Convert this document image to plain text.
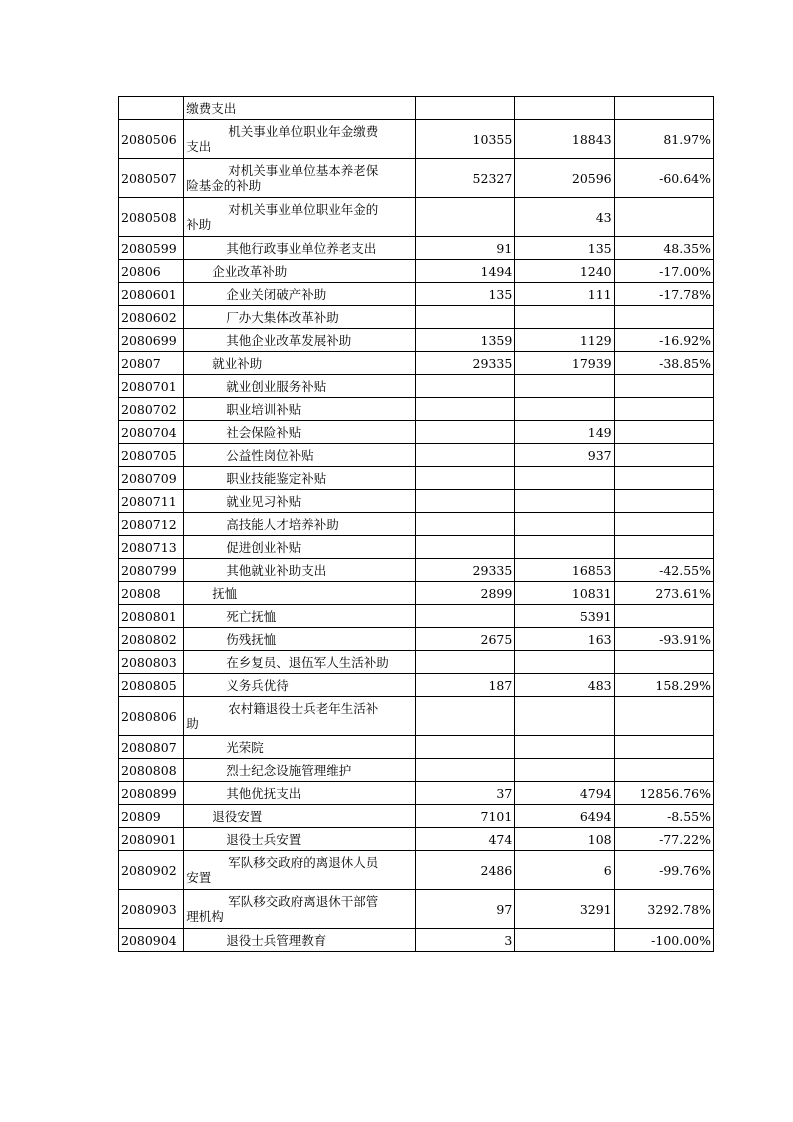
	缴费支出			
2080506	机关事业单位职业年金缴费
支出	10355	18843	81.97%
2080507	对机关事业单位基本养老保
险基金的补助	52327	20596	-60.64%
2080508	对机关事业单位职业年金的
补助		43	
2080599	其他行政事业单位养老支出	91	135	48.35%
20806	企业改革补助	1494	1240	-17.00%
2080601	企业关闭破产补助	135	111	-17.78%
2080602	厂办大集体改革补助			
2080699	其他企业改革发展补助	1359	1129	-16.92%
20807	就业补助	29335	17939	-38.85%
2080701	就业创业服务补贴			
2080702	职业培训补贴			
2080704	社会保险补贴		149	
2080705	公益性岗位补贴		937	
2080709	职业技能鉴定补贴			
2080711	就业见习补贴			
2080712	高技能人才培养补助			
2080713	促进创业补贴			
2080799	其他就业补助支出	29335	16853	-42.55%
20808	抚恤	2899	10831	273.61%
2080801	死亡抚恤		5391	
2080802	伤残抚恤	2675	163	-93.91%
2080803	在乡复员、退伍军人生活补助			
2080805	义务兵优待	187	483	158.29%
2080806	农村籍退役士兵老年生活补
助			

2080807	光荣院			
2080808	烈士纪念设施管理维护			
2080899	其他优抚支出	37	4794	12856.76%
20809	退役安置	7101	6494	-8.55%
2080901	退役士兵安置	474	108	-77.22%
2080902	军队移交政府的离退休人员
安置	2486	6	-99.76%
2080903	军队移交政府离退休干部管
理机构	97	3291	3292.78%
2080904	退役士兵管理教育	3		-100.00%
